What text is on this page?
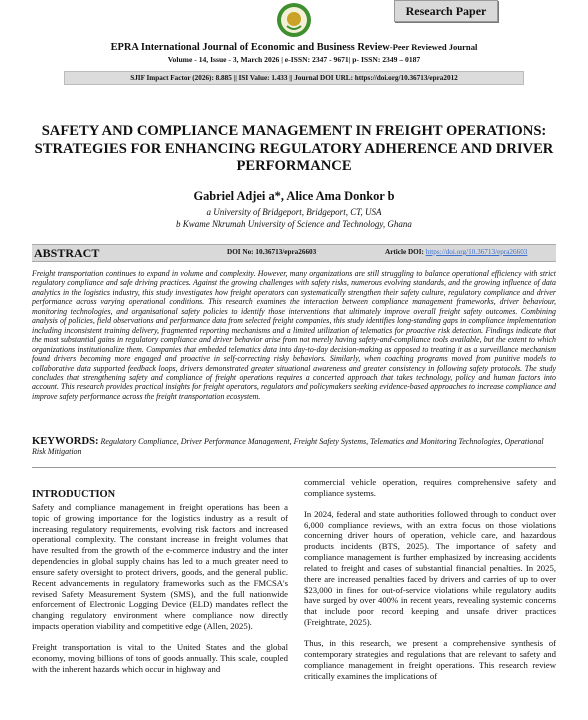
Research Paper
EPRA International Journal of Economic and Business Review-Peer Reviewed Journal
Volume - 14, Issue - 3, March 2026 | e-ISSN: 2347 - 9671| p- ISSN: 2349 – 0187
SJIF Impact Factor (2026): 8.885 || ISI Value: 1.433 || Journal DOI URL: https://doi.org/10.36713/epra2012
SAFETY AND COMPLIANCE MANAGEMENT IN FREIGHT OPERATIONS: STRATEGIES FOR ENHANCING REGULATORY ADHERENCE AND DRIVER PERFORMANCE
Gabriel Adjei a*, Alice Ama Donkor b
a University of Bridgeport, Bridgeport, CT, USA
b Kwame Nkrumah University of Science and Technology, Ghana
ABSTRACT	DOI No: 10.36713/epra26603	Article DOI: https://doi.org/10.36713/epra26603
Freight transportation continues to expand in volume and complexity. However, many organizations are still struggling to balance operational efficiency with strict regulatory compliance and safe driving practices. Against the growing challenges with safety risks, numerous evolving standards, and the growing influence of data analytics in the logistics industry, this study investigates how freight operators can systematically strengthen their safety culture, regulatory compliance and driver performance across varying operational conditions. This research examines the interaction between compliance management frameworks, driver behaviour, monitoring technologies, and organisational safety policies to identify those interventions that ultimately improve overall freight safety outcomes. Combining analysis of policies, field observations and performance data from selected freight companies, this study identifies long-standing gaps in compliance implementation including inconsistent training delivery, fragmented reporting mechanisms and a limited utilization of telematics for proactive risk detection. Findings indicate that the most substantial gains in regulatory compliance and driver behavior arise from not merely having safety-and-compliance tools available, but the extent to which organizations institutionalize them. Companies that embeded telematics data into day-to-day decision-making as opposed to treating it as a surveillance mechanism found drivers becoming more engaged and proactive in self-correcting risky behaviors. Similarly, when coaching programs moved from punitive models to collaborative data supported feedback loops, drivers demonstrated greater situational awareness and greater consistency in following safety protocols. The study concludes that strengthening safety and compliance of freight operations requires a concerted approach that takes technology, policy and human factors into account. This research provides practical insights for freight operators, regulators and policymakers seeking evidence-based approaches to increase compliance and improve safety performance across the freight transportation ecosystem.
KEYWORDS: Regulatory Compliance, Driver Performance Management, Freight Safety Systems, Telematics and Monitoring Technologies, Operational Risk Mitigation
INTRODUCTION

Safety and compliance management in freight operations has been a topic of growing importance for the logistics industry as a result of increasing regulatory requirements, evolving risk factors and increased operational complexity. The constant increase in freight volumes that have resulted from the growth of the e-commerce industry and the inter dependencies in global supply chains has led to a much greater need to ensure safety oversight to protect drivers, goods, and the general public. Recent advancements in regulatory frameworks such as the FMCSA's revised Safety Measurement System (SMS), and the full nationwide enforcement of Electronic Logging Device (ELD) mandates reflect the changing regulatory environment where compliance now directly impacts operation viability and competitive edge (Allen, 2025).

Freight transportation is vital to the United States and the global economy, moving billions of tons of goods annually. This scale, coupled with the inherent hazards which occur in highway and

commercial vehicle operation, requires comprehensive safety and compliance systems.

In 2024, federal and state authorities followed through to conduct over 6,000 compliance reviews, with an extra focus on those violations concerning driver hours of operation, vehicle care, and hazardous products incidents (BTS, 2025). The importance of safety and compliance management is further emphasized by increasing accidents related to freight and cases of substantial financial penalties. In 2025, there are increased penalties faced by drivers and carries of up to over $23,000 in fines for out-of-service violations while regulatory audits have surged by over 400% in recent years, revealing systemic concerns that include poor record keeping and unsafe driver practices (Freightrate, 2025).

Thus, in this research, we present a comprehensive synthesis of contemporary strategies and regulations that are relevant to safety and compliance management in freight operations. This research review critically examines the implications of
